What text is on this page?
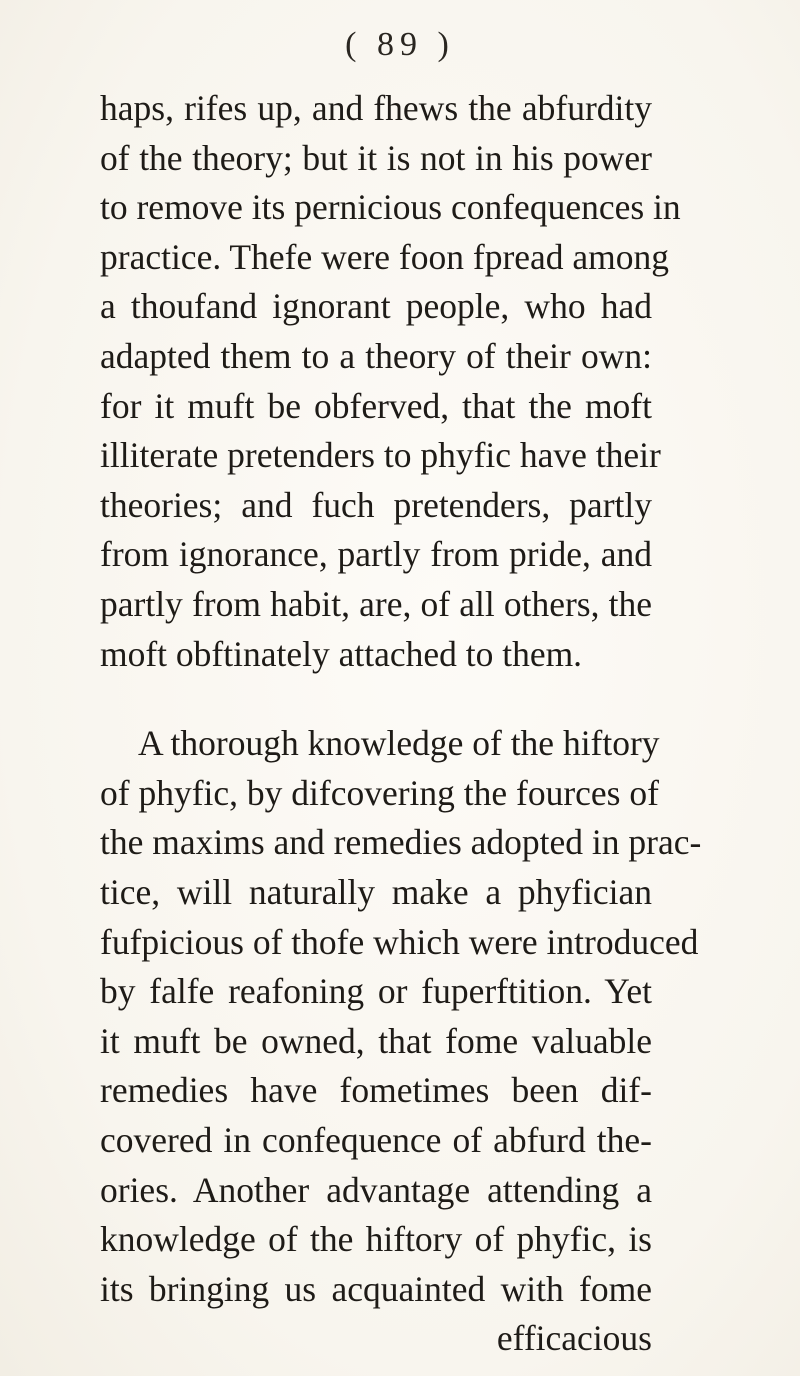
( 89 )
haps, rifes up, and fhews the abfurdity
of the theory; but it is not in his power
to remove its pernicious confequences in
practice. Thefe were foon fpread among
a thoufand ignorant people, who had
adapted them to a theory of their own:
for it muft be obferved, that the moft
illiterate pretenders to phyfic have their
theories; and fuch pretenders, partly
from ignorance, partly from pride, and
partly from habit, are, of all others, the
moft obftinately attached to them.
A thorough knowledge of the hiftory
of phyfic, by difcovering the fources of
the maxims and remedies adopted in prac-
tice, will naturally make a phyfician
fufpicious of thofe which were introduced
by falfe reafoning or fuperftition. Yet
it muft be owned, that fome valuable
remedies have fometimes been dif-
covered in confequence of abfurd the-
ories. Another advantage attending a
knowledge of the hiftory of phyfic, is
its bringing us acquainted with fome
efficacious
